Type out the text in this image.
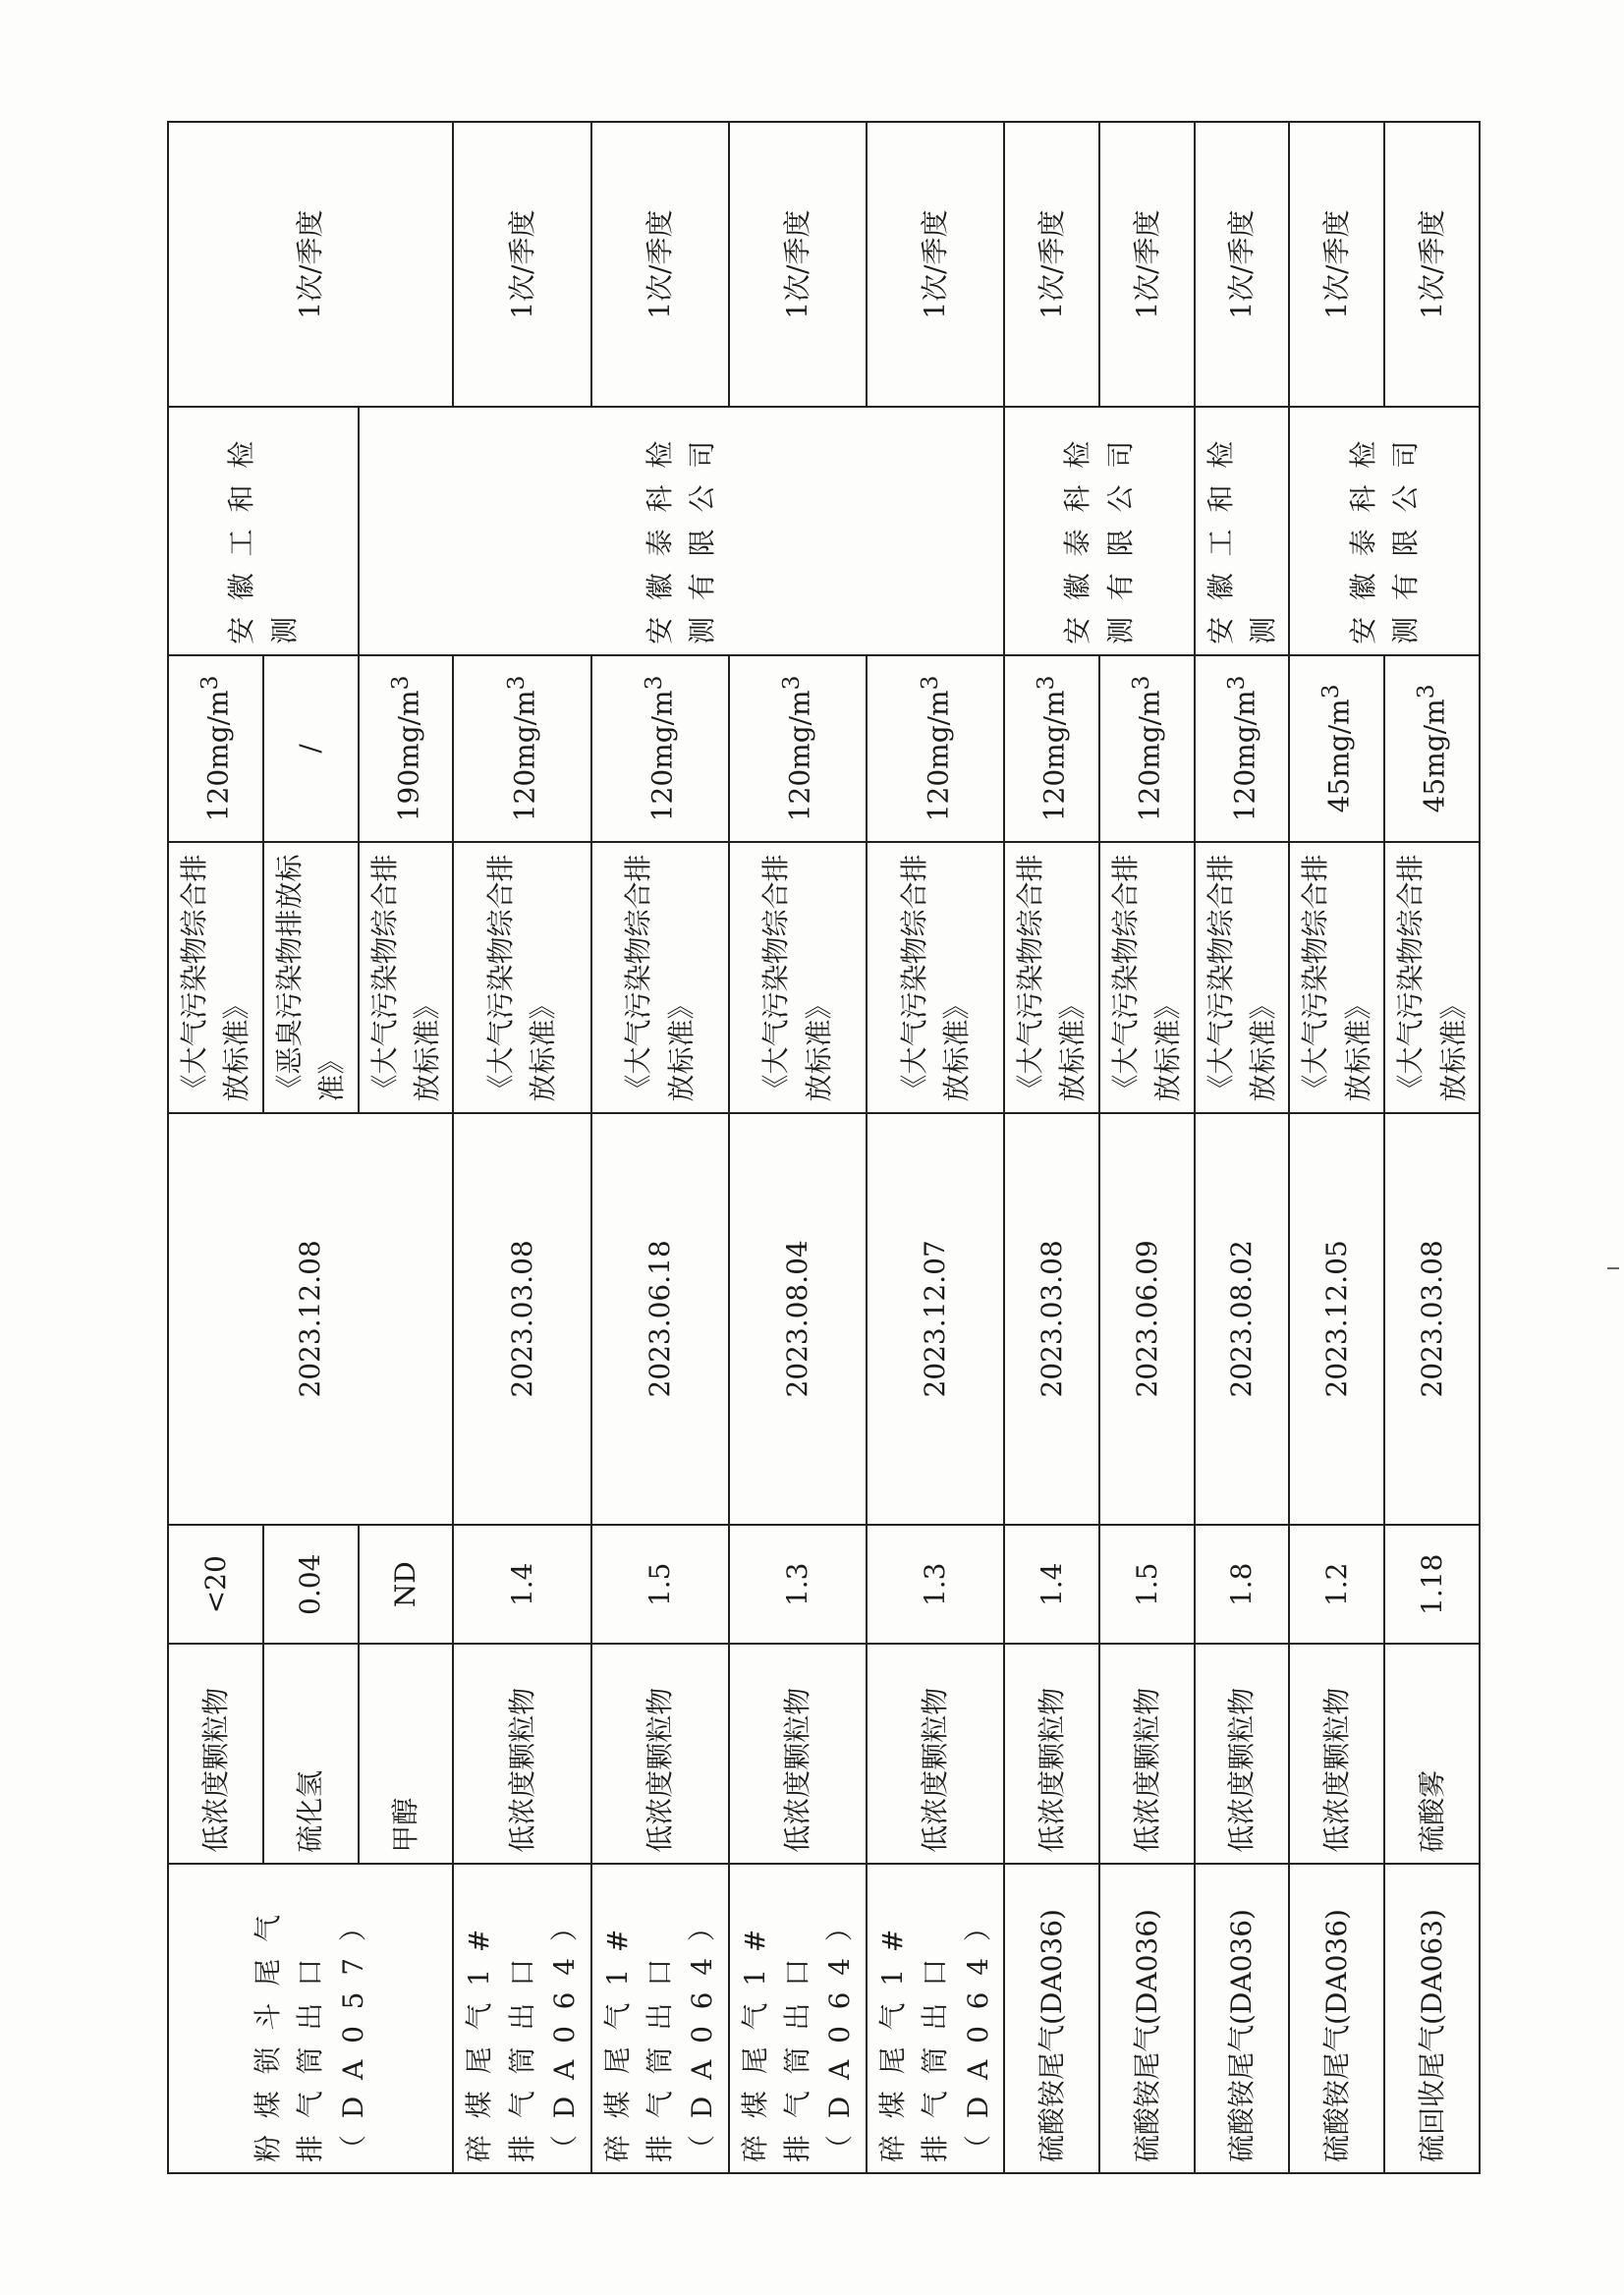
粉煤锁斗尾气排气筒出口（DA057）	低浓度颗粒物	<20	2023.12.08	《大气污染物综合排放标准》	$120mg/m^3$	安徽工和检测	1次/季度
	硫化氢	0.04		《恶臭污染物排放标准》	/		
	甲醇	ND		《大气污染物综合排放标准》	$190mg/m^3$	安徽泰科检测有限公司	
碎煤尾气1#排气筒出口（DA064）	低浓度颗粒物	1.4	2023.03.08	《大气污染物综合排放标准》	$120mg/m^3$		1次/季度
碎煤尾气1#排气筒出口（DA064）	低浓度颗粒物	1.5	2023.06.18	《大气污染物综合排放标准》	$120mg/m^3$		1次/季度
碎煤尾气1#排气筒出口（DA064）	低浓度颗粒物	1.3	2023.08.04	《大气污染物综合排放标准》	$120mg/m^3$		1次/季度
碎煤尾气1#排气筒出口（DA064）	低浓度颗粒物	1.3	2023.12.07	《大气污染物综合排放标准》	$120mg/m^3$		1次/季度
硫酸铵尾气(DA036)	低浓度颗粒物	1.4	2023.03.08	《大气污染物综合排放标准》	$120mg/m^3$	安徽泰科检测有限公司	1次/季度
硫酸铵尾气(DA036)	低浓度颗粒物	1.5	2023.06.09	《大气污染物综合排放标准》	$120mg/m^3$		1次/季度
硫酸铵尾气(DA036)	低浓度颗粒物	1.8	2023.08.02	《大气污染物综合排放标准》	$120mg/m^3$	安徽工和检测	1次/季度
硫酸铵尾气(DA036)	低浓度颗粒物	1.2	2023.12.05	《大气污染物综合排放标准》	$45mg/m^3$	安徽泰科检测有限公司	1次/季度
硫回收尾气(DA063)	硫酸雾	1.18	2023.03.08	《大气污染物综合排放标准》	$45mg/m^3$		1次/季度
